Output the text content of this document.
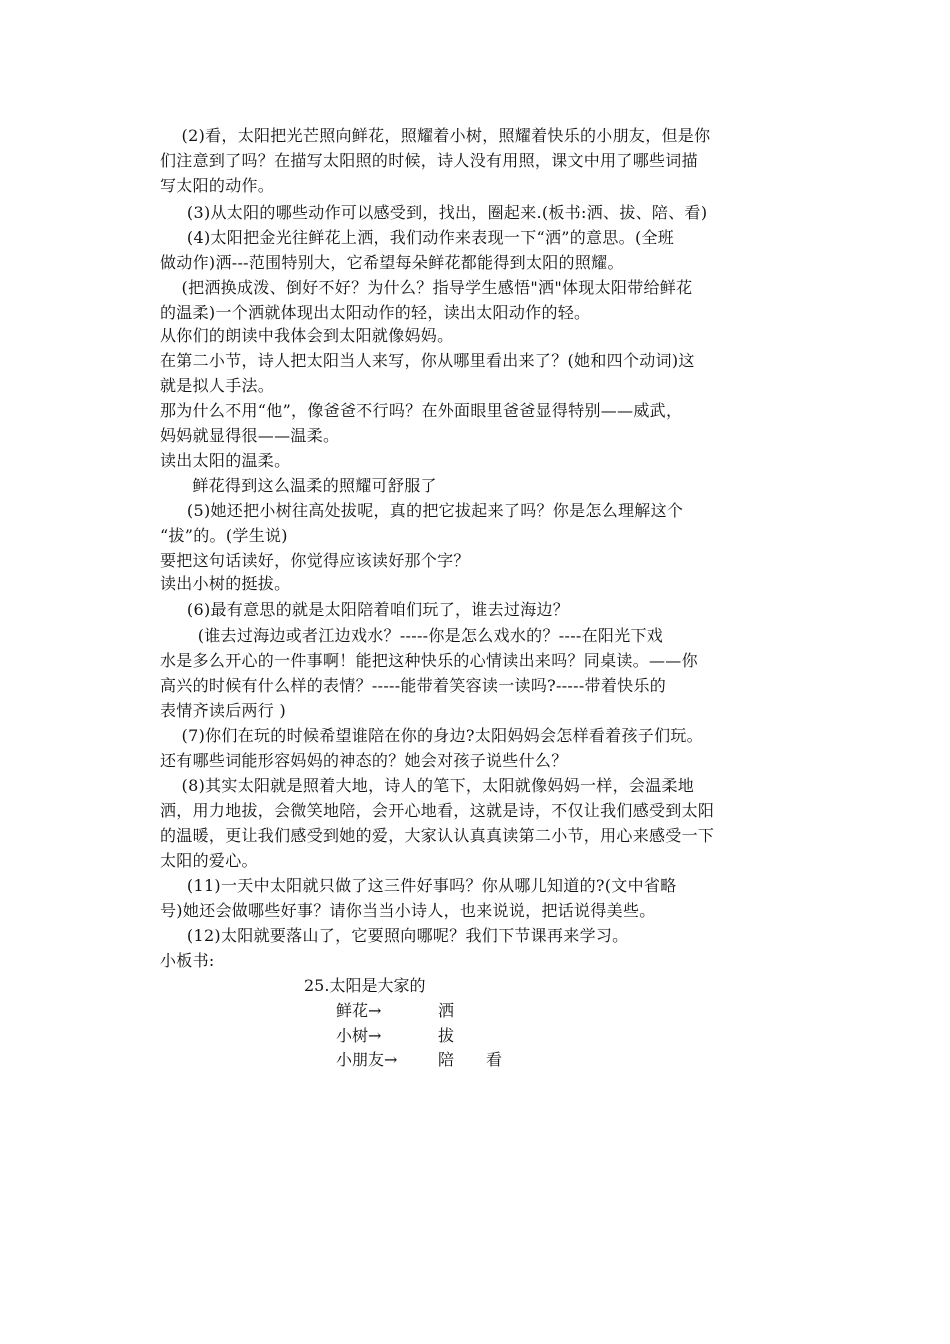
(2)看，太阳把光芒照向鲜花，照耀着小树，照耀着快乐的小朋友，但是你
们注意到了吗？在描写太阳照的时候，诗人没有用照，课文中用了哪些词描
写太阳的动作。
(3)从太阳的哪些动作可以感受到，找出，圈起来.(板书:洒、拔、陪、看)
(4)太阳把金光往鲜花上洒，我们动作来表现一下“洒”的意思。(全班
做动作)洒---范围特别大，它希望每朵鲜花都能得到太阳的照耀。
(把洒换成泼、倒好不好？为什么？指导学生感悟"洒"体现太阳带给鲜花
的温柔)一个洒就体现出太阳动作的轻，读出太阳动作的轻。
从你们的朗读中我体会到太阳就像妈妈。
在第二小节，诗人把太阳当人来写，你从哪里看出来了？(她和四个动词)这
就是拟人手法。
那为什么不用“他”，像爸爸不行吗？在外面眼里爸爸显得特别——威武，
妈妈就显得很——温柔。
读出太阳的温柔。
鲜花得到这么温柔的照耀可舒服了
(5)她还把小树往高处拔呢，真的把它拔起来了吗？你是怎么理解这个
“拔”的。(学生说)
要把这句话读好，你觉得应该读好那个字？
读出小树的挺拔。
(6)最有意思的就是太阳陪着咱们玩了，谁去过海边？
(谁去过海边或者江边戏水？-----你是怎么戏水的？----在阳光下戏
水是多么开心的一件事啊！能把这种快乐的心情读出来吗？同桌读。——你
高兴的时候有什么样的表情？-----能带着笑容读一读吗?-----带着快乐的
表情齐读后两行 )
(7)你们在玩的时候希望谁陪在你的身边?太阳妈妈会怎样看着孩子们玩。
还有哪些词能形容妈妈的神态的？她会对孩子说些什么？
(8)其实太阳就是照着大地，诗人的笔下，太阳就像妈妈一样，会温柔地
洒，用力地拔，会微笑地陪，会开心地看，这就是诗，不仅让我们感受到太阳
的温暖，更让我们感受到她的爱，大家认认真真读第二小节，用心来感受一下
太阳的爱心。
(11)一天中太阳就只做了这三件好事吗？你从哪儿知道的?(文中省略
号)她还会做哪些好事？请你当当小诗人，也来说说，把话说得美些。
(12)太阳就要落山了，它要照向哪呢？我们下节课再来学习。
小板书:
25.太阳是大家的
鲜花→	洒
小树→	拔
小朋友→	陪 看
